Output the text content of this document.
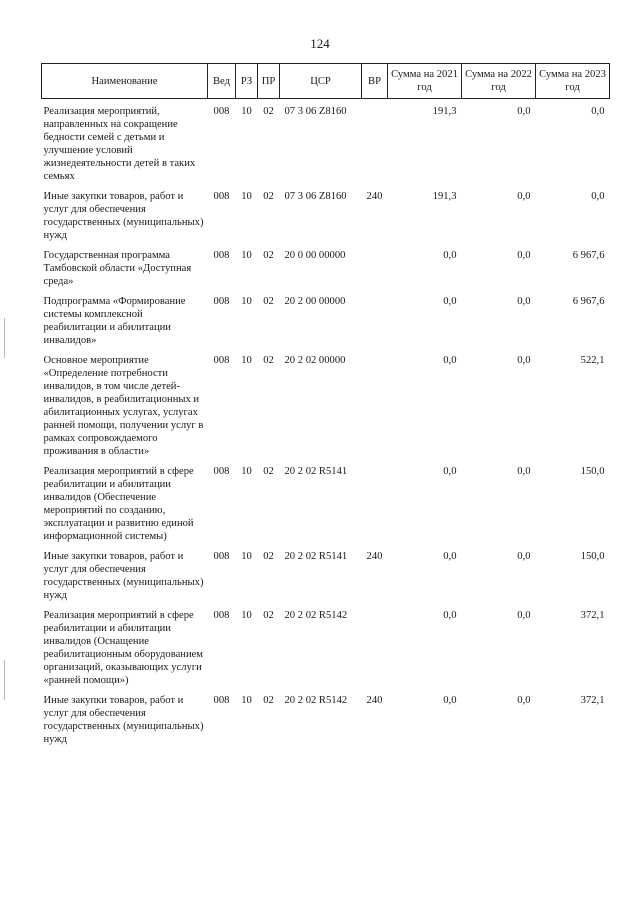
124
Наименование	Вед	РЗ	ПР	ЦСР	ВР	Сумма на 2021 год	Сумма на 2022 год	Сумма на 2023 год
Реализация мероприятий, направленных на сокращение бедности семей с детьми и улучшение условий жизнедеятельности детей в таких семьях	008	10	02	07 3 06 Z8160		191,3	0,0	0,0
Иные закупки товаров, работ и услуг для обеспечения государственных (муниципальных) нужд	008	10	02	07 3 06 Z8160	240	191,3	0,0	0,0
Государственная программа Тамбовской области «Доступная среда»	008	10	02	20 0 00 00000		0,0	0,0	6 967,6
Подпрограмма «Формирование системы комплексной реабилитации и абилитации инвалидов»	008	10	02	20 2 00 00000		0,0	0,0	6 967,6
Основное мероприятие «Определение потребности инвалидов, в том числе детей-инвалидов, в реабилитационных и абилитационных услугах, услугах ранней помощи, получении услуг в рамках сопровождаемого проживания в области»	008	10	02	20 2 02 00000		0,0	0,0	522,1
Реализация мероприятий в сфере реабилитации и абилитации инвалидов (Обеспечение мероприятий по созданию, эксплуатации и развитию единой информационной системы)	008	10	02	20 2 02 R5141		0,0	0,0	150,0
Иные закупки товаров, работ и услуг для обеспечения государственных (муниципальных) нужд	008	10	02	20 2 02 R5141	240	0,0	0,0	150,0
Реализация мероприятий в сфере реабилитации и абилитации инвалидов (Оснащение реабилитационным оборудованием организаций, оказывающих услуги «ранней помощи»)	008	10	02	20 2 02 R5142		0,0	0,0	372,1
Иные закупки товаров, работ и услуг для обеспечения государственных (муниципальных) нужд	008	10	02	20 2 02 R5142	240	0,0	0,0	372,1
